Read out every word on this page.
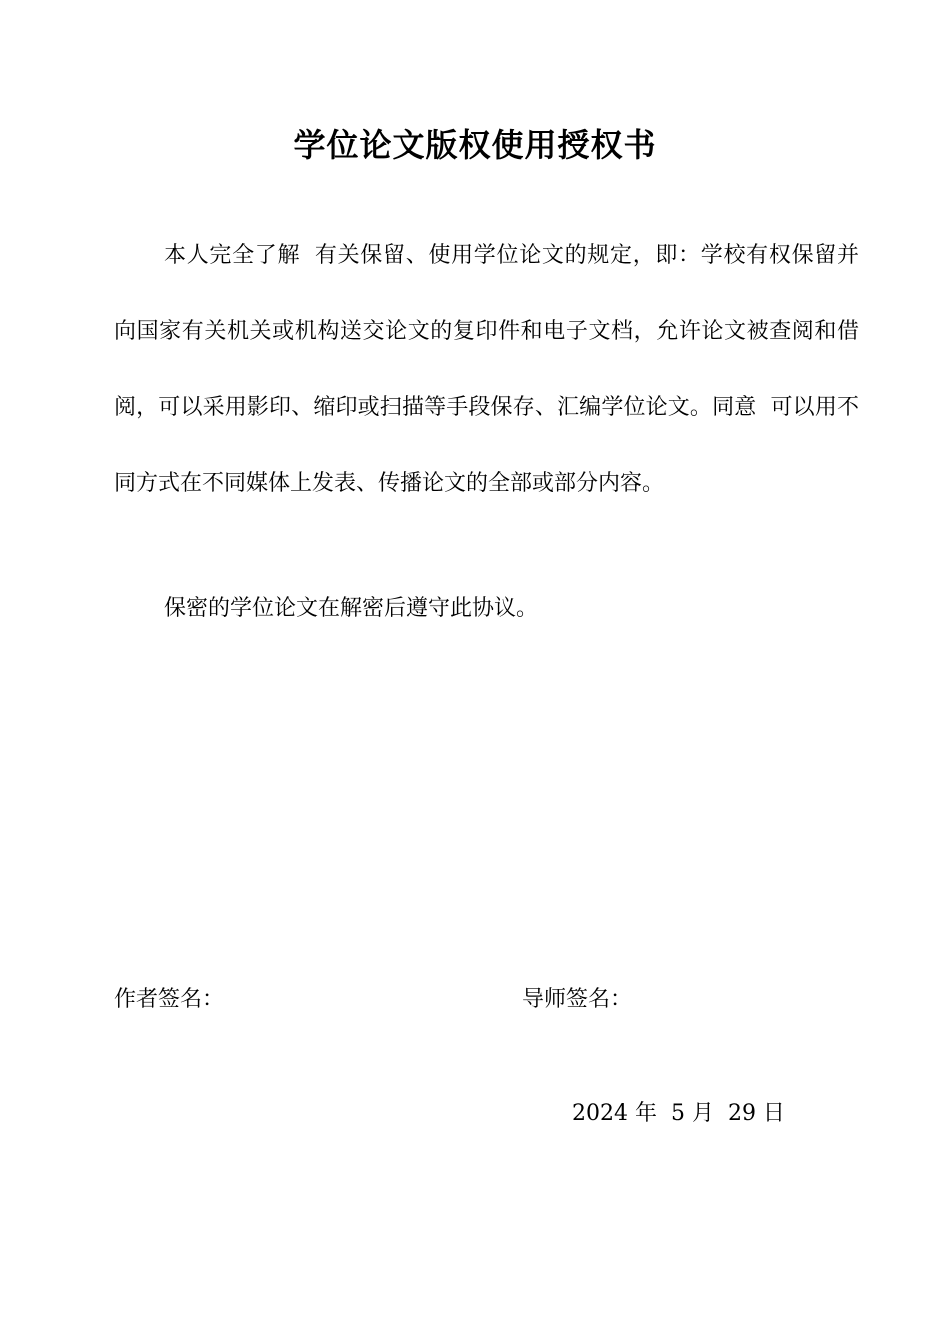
学位论文版权使用授权书
本人完全了解 有关保留、使用学位论文的规定，即：学校有权保留并向国家有关机关或机构送交论文的复印件和电子文档，允许论文被查阅和借阅，可以采用影印、缩印或扫描等手段保存、汇编学位论文。同意 可以用不同方式在不同媒体上发表、传播论文的全部或部分内容。
保密的学位论文在解密后遵守此协议。
作者签名：	导师签名：
2024 年  5 月  29 日
